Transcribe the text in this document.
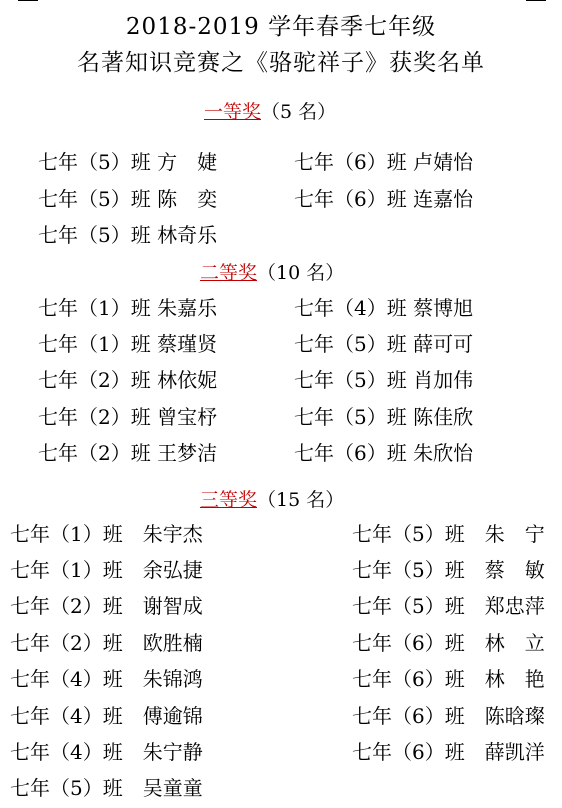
2018-2019 学年春季七年级
名著知识竞赛之《骆驼祥子》获奖名单
一等奖（5 名）
七年（5）班 方　婕
七年（5）班 陈　奕
七年（5）班 林奇乐
七年（6）班 卢婧怡
七年（6）班 连嘉怡
二等奖（10 名）
七年（1）班 朱嘉乐
七年（1）班 蔡瑾贤
七年（2）班 林依妮
七年（2）班 曾宝杼
七年（2）班 王梦洁
七年（4）班 蔡博旭
七年（5）班 薛可可
七年（5）班 肖加伟
七年（5）班 陈佳欣
七年（6）班 朱欣怡
三等奖（15 名）
七年（1）班　朱宇杰
七年（1）班　余弘捷
七年（2）班　谢智成
七年（2）班　欧胜楠
七年（4）班　朱锦鸿
七年（4）班　傅逾锦
七年（4）班　朱宁静
七年（5）班　吴童童
七年（5）班　朱　宁
七年（5）班　蔡　敏
七年（5）班　郑忠萍
七年（6）班　林　立
七年（6）班　林　艳
七年（6）班　陈晗璨
七年（6）班　薛凯洋
